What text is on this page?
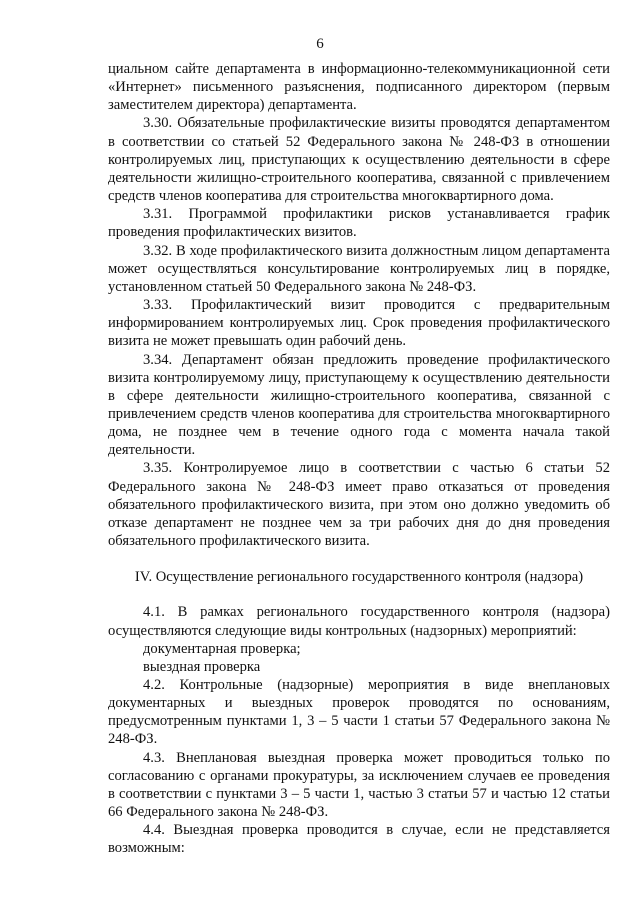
6

циальном сайте департамента в информационно-телекоммуникационной сети «Интернет» письменного разъяснения, подписанного директором (первым заместителем директора) департамента.

3.30. Обязательные профилактические визиты проводятся департаментом в соответствии со статьей 52 Федерального закона № 248-ФЗ в отношении контролируемых лиц, приступающих к осуществлению деятельности в сфере деятельности жилищно-строительного кооператива, связанной с привлечением средств членов кооператива для строительства многоквартирного дома.

3.31. Программой профилактики рисков устанавливается график проведения профилактических визитов.

3.32. В ходе профилактического визита должностным лицом департамента может осуществляться консультирование контролируемых лиц в порядке, установленном статьей 50 Федерального закона № 248-ФЗ.

3.33. Профилактический визит проводится с предварительным информированием контролируемых лиц. Срок проведения профилактического визита не может превышать один рабочий день.

3.34. Департамент обязан предложить проведение профилактического визита контролируемому лицу, приступающему к осуществлению деятельности в сфере деятельности жилищно-строительного кооператива, связанной с привлечением средств членов кооператива для строительства многоквартирного дома, не позднее чем в течение одного года с момента начала такой деятельности.

3.35. Контролируемое лицо в соответствии с частью 6 статьи 52 Федерального закона № 248-ФЗ имеет право отказаться от проведения обязательного профилактического визита, при этом оно должно уведомить об отказе департамент не позднее чем за три рабочих дня до дня проведения обязательного профилактического визита.

IV. Осуществление регионального государственного контроля (надзора)

4.1. В рамках регионального государственного контроля (надзора) осуществляются следующие виды контрольных (надзорных) мероприятий:

документарная проверка;

выездная проверка

4.2. Контрольные (надзорные) мероприятия в виде внеплановых документарных и выездных проверок проводятся по основаниям, предусмотренным пунктами 1, 3 – 5 части 1 статьи 57 Федерального закона № 248-ФЗ.

4.3. Внеплановая выездная проверка может проводиться только по согласованию с органами прокуратуры, за исключением случаев ее проведения в соответствии с пунктами 3 – 5 части 1, частью 3 статьи 57 и частью 12 статьи 66 Федерального закона № 248-ФЗ.

4.4. Выездная проверка проводится в случае, если не представляется возможным:
